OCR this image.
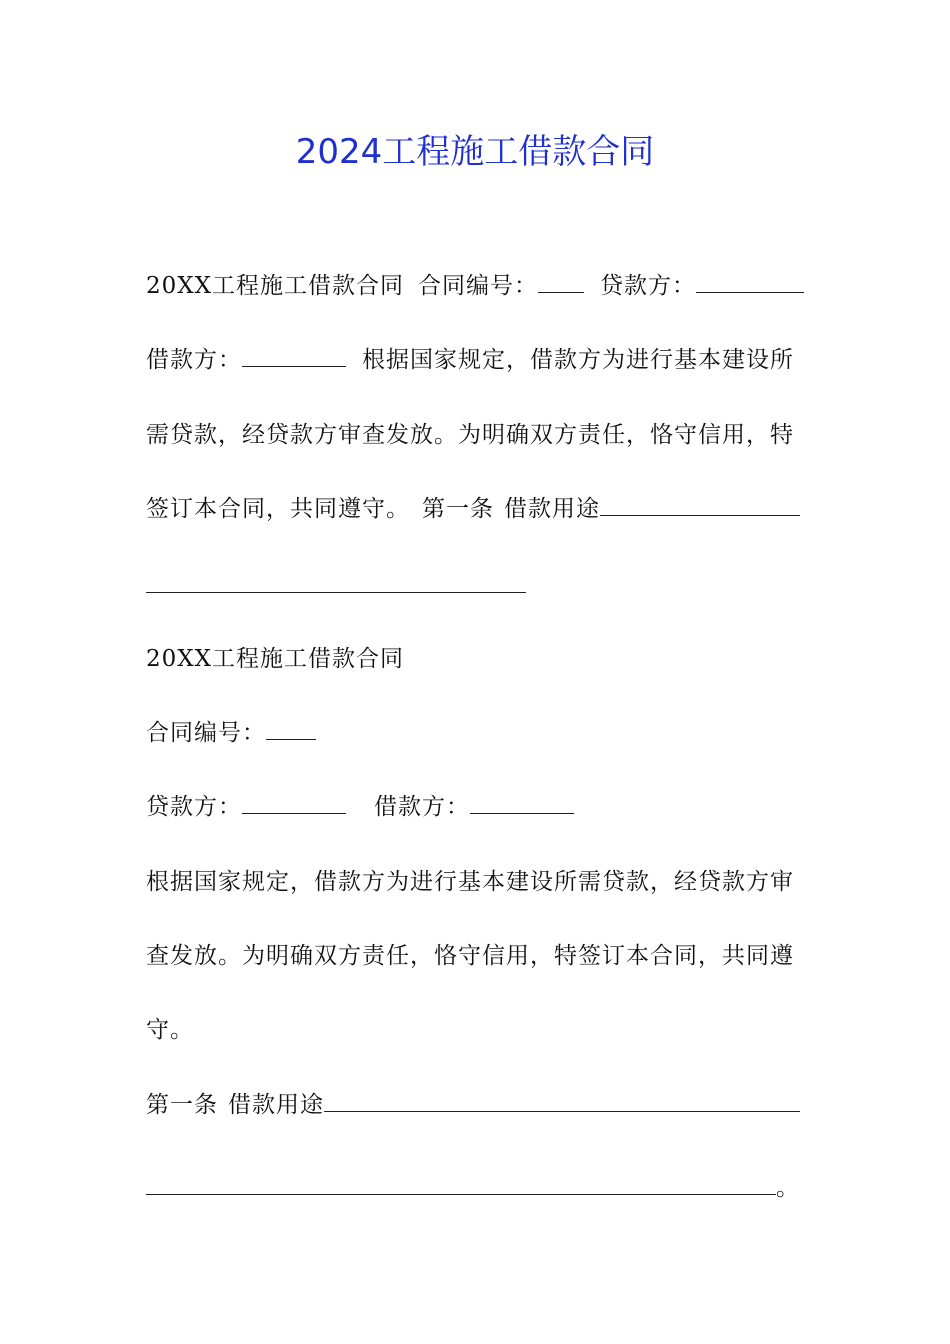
2024工程施工借款合同
20XX工程施工借款合同 合同编号：	贷款方：
借款方：	根据国家规定，借款方为进行基本建设所
需贷款，经贷款方审查发放。为明确双方责任，恪守信用，特
签订本合同，共同遵守。 第一条 借款用途
20XX工程施工借款合同
合同编号：
贷款方：	借款方：
根据国家规定，借款方为进行基本建设所需贷款，经贷款方审
查发放。为明确双方责任，恪守信用，特签订本合同，共同遵
守。
第一条 借款用途
。
